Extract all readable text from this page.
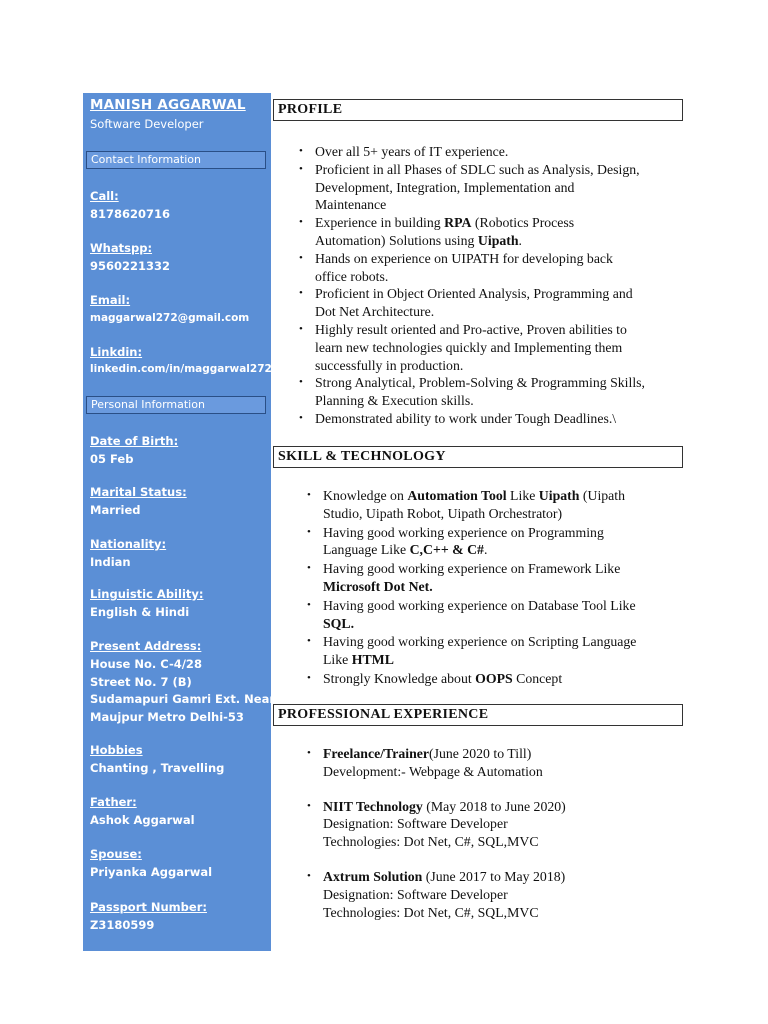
MANISH AGGARWAL
Software Developer
Contact Information
Call:
8178620716
Whatspp:
9560221332
Email:
maggarwal272@gmail.com
Linkdin:
linkedin.com/in/maggarwal272
Personal Information
Date of Birth:
05 Feb
Marital Status:
Married
Nationality:
Indian
Linguistic Ability:
English & Hindi
Present Address:
House No. C-4/28
Street No. 7 (B)
Sudamapuri Gamri Ext. Near
Maujpur Metro Delhi-53
Hobbies
Chanting , Travelling
Father:
Ashok Aggarwal
Spouse:
Priyanka Aggarwal
Passport Number:
Z3180599
PROFILE
• Over all 5+ years of IT experience.
• Proficient in all Phases of SDLC such as Analysis, Design,
Development, Integration, Implementation and
Maintenance
• Experience in building RPA (Robotics Process
Automation) Solutions using Uipath.
• Hands on experience on UIPATH for developing back
office robots.
• Proficient in Object Oriented Analysis, Programming and
Dot Net Architecture.
• Highly result oriented and Pro-active, Proven abilities to
learn new technologies quickly and Implementing them
successfully in production.
• Strong Analytical, Problem-Solving & Programming Skills,
Planning & Execution skills.
• Demonstrated ability to work under Tough Deadlines.\
SKILL & TECHNOLOGY
• Knowledge on Automation Tool Like Uipath (Uipath
Studio, Uipath Robot, Uipath Orchestrator)
• Having good working experience on Programming
Language Like C,C++ & C#.
• Having good working experience on Framework Like
Microsoft Dot Net.
• Having good working experience on Database Tool Like
SQL.
• Having good working experience on Scripting Language
Like HTML
• Strongly Knowledge about OOPS Concept
PROFESSIONAL EXPERIENCE
• Freelance/Trainer(June 2020 to Till)
Development:- Webpage & Automation
• NIIT Technology (May 2018 to June 2020)
Designation: Software Developer
Technologies: Dot Net, C#, SQL,MVC
• Axtrum Solution (June 2017 to May 2018)
Designation: Software Developer
Technologies: Dot Net, C#, SQL,MVC
